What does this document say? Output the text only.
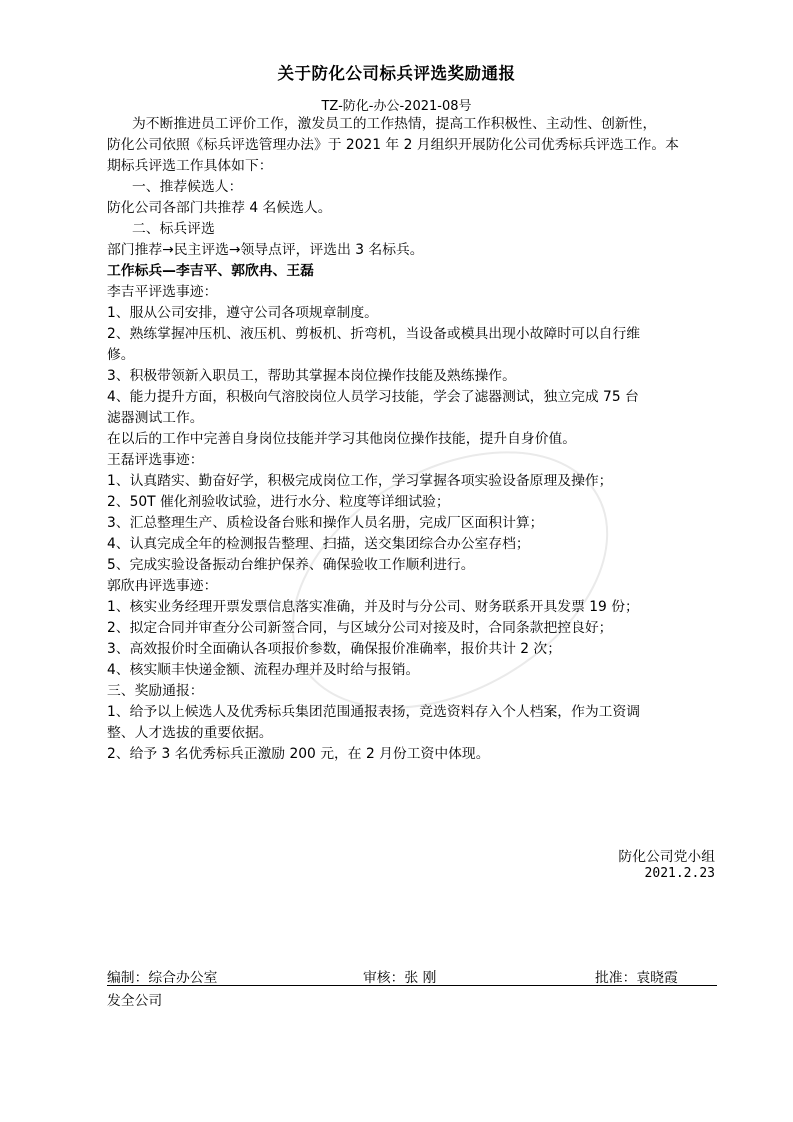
关于防化公司标兵评选奖励通报
TZ-防化-办公-2021-08号
为不断推进员工评价工作，激发员工的工作热情，提高工作积极性、主动性、创新性，
防化公司依照《标兵评选管理办法》于 2021 年 2 月组织开展防化公司优秀标兵评选工作。本
期标兵评选工作具体如下：
一、推荐候选人：
防化公司各部门共推荐 4 名候选人。
二、标兵评选
部门推荐→民主评选→领导点评，评选出 3 名标兵。
工作标兵—李吉平、郭欣冉、王磊
李吉平评选事迹：
1、服从公司安排，遵守公司各项规章制度。
2、熟练掌握冲压机、液压机、剪板机、折弯机，当设备或模具出现小故障时可以自行维
修。
3、积极带领新入职员工，帮助其掌握本岗位操作技能及熟练操作。
4、能力提升方面，积极向气溶胶岗位人员学习技能，学会了滤器测试，独立完成 75 台
滤器测试工作。
在以后的工作中完善自身岗位技能并学习其他岗位操作技能，提升自身价值。
王磊评选事迹：
1、认真踏实、勤奋好学，积极完成岗位工作，学习掌握各项实验设备原理及操作；
2、50T 催化剂验收试验，进行水分、粒度等详细试验；
3、汇总整理生产、质检设备台账和操作人员名册，完成厂区面积计算；
4、认真完成全年的检测报告整理、扫描，送交集团综合办公室存档；
5、完成实验设备振动台维护保养、确保验收工作顺利进行。
郭欣冉评选事迹：
1、核实业务经理开票发票信息落实准确，并及时与分公司、财务联系开具发票 19 份；
2、拟定合同并审查分公司新签合同，与区域分公司对接及时，合同条款把控良好；
3、高效报价时全面确认各项报价参数，确保报价准确率，报价共计 2 次；
4、核实顺丰快递金额、流程办理并及时给与报销。
三、奖励通报：
1、给予以上候选人及优秀标兵集团范围通报表扬，竞选资料存入个人档案，作为工资调
整、人才选拔的重要依据。
2、给予 3 名优秀标兵正激励 200 元，在 2 月份工资中体现。
防化公司党小组
2021.2.23
编制：综合办公室	审核：张 刚	批准：袁晓霞
发全公司
